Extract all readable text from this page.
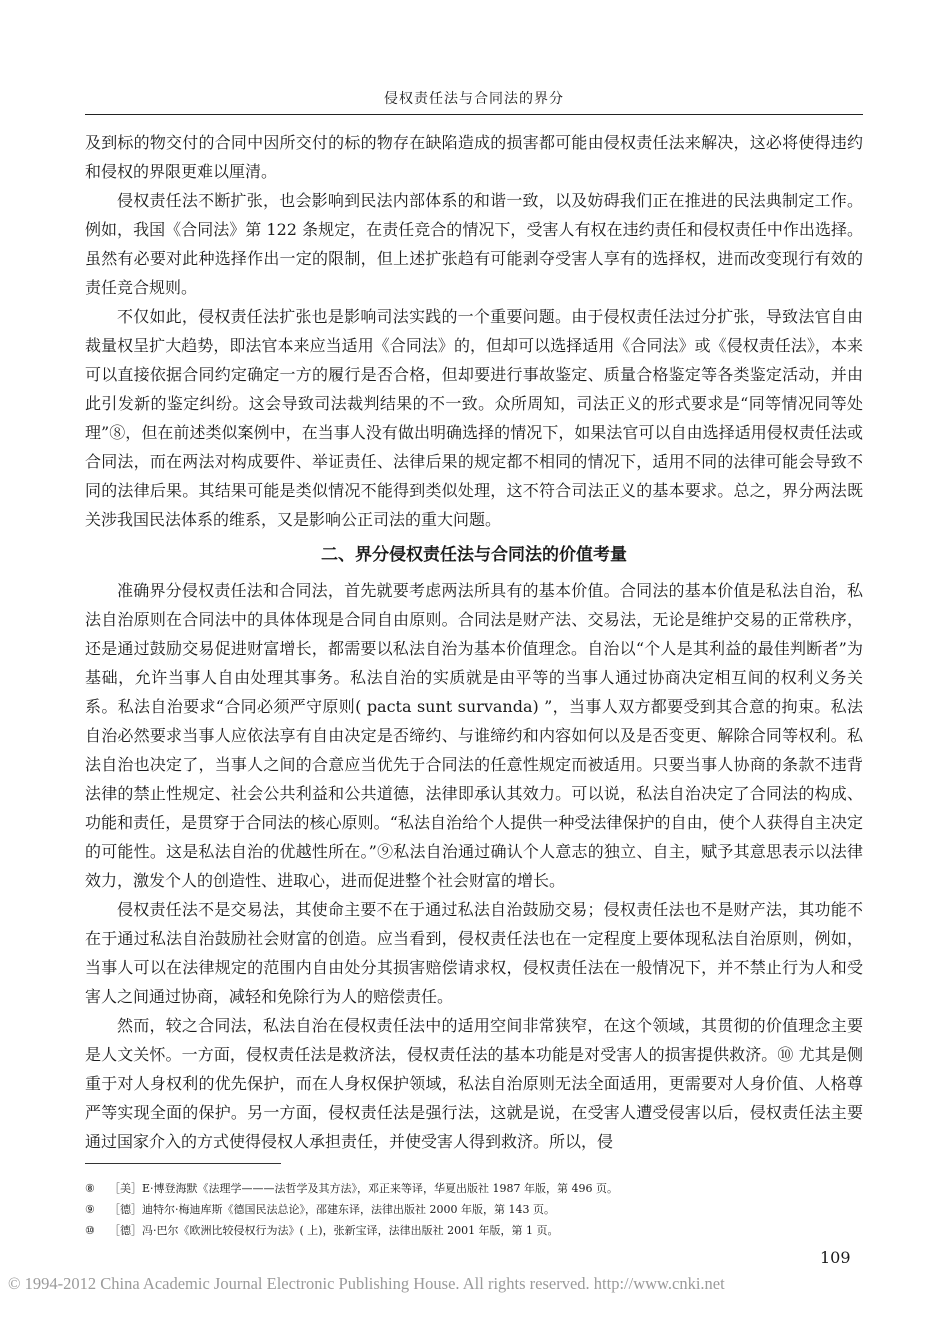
侵权责任法与合同法的界分

及到标的物交付的合同中因所交付的标的物存在缺陷造成的损害都可能由侵权责任法来解决，这必将使得违约和侵权的界限更难以厘清。

侵权责任法不断扩张，也会影响到民法内部体系的和谐一致，以及妨碍我们正在推进的民法典制定工作。例如，我国《合同法》第 122 条规定，在责任竞合的情况下，受害人有权在违约责任和侵权责任中作出选择。虽然有必要对此种选择作出一定的限制，但上述扩张趋有可能剥夺受害人享有的选择权，进而改变现行有效的责任竞合规则。

不仅如此，侵权责任法扩张也是影响司法实践的一个重要问题。由于侵权责任法过分扩张，导致法官自由裁量权呈扩大趋势，即法官本来应当适用《合同法》的，但却可以选择适用《合同法》或《侵权责任法》，本来可以直接依据合同约定确定一方的履行是否合格，但却要进行事故鉴定、质量合格鉴定等各类鉴定活动，并由此引发新的鉴定纠纷。这会导致司法裁判结果的不一致。众所周知，司法正义的形式要求是“同等情况同等处理”⑧，但在前述类似案例中，在当事人没有做出明确选择的情况下，如果法官可以自由选择适用侵权责任法或合同法，而在两法对构成要件、举证责任、法律后果的规定都不相同的情况下，适用不同的法律可能会导致不同的法律后果。其结果可能是类似情况不能得到类似处理，这不符合司法正义的基本要求。总之，界分两法既关涉我国民法体系的维系，又是影响公正司法的重大问题。

二、界分侵权责任法与合同法的价值考量

准确界分侵权责任法和合同法，首先就要考虑两法所具有的基本价值。合同法的基本价值是私法自治，私法自治原则在合同法中的具体体现是合同自由原则。合同法是财产法、交易法，无论是维护交易的正常秩序，还是通过鼓励交易促进财富增长，都需要以私法自治为基本价值理念。自治以“个人是其利益的最佳判断者”为基础，允许当事人自由处理其事务。私法自治的实质就是由平等的当事人通过协商决定相互间的权利义务关系。私法自治要求“合同必须严守原则( pacta sunt survanda) ”，当事人双方都要受到其合意的拘束。私法自治必然要求当事人应依法享有自由决定是否缔约、与谁缔约和内容如何以及是否变更、解除合同等权利。私法自治也决定了，当事人之间的合意应当优先于合同法的任意性规定而被适用。只要当事人协商的条款不违背法律的禁止性规定、社会公共利益和公共道德，法律即承认其效力。可以说，私法自治决定了合同法的构成、功能和责任，是贯穿于合同法的核心原则。“私法自治给个人提供一种受法律保护的自由，使个人获得自主决定的可能性。这是私法自治的优越性所在。”⑨私法自治通过确认个人意志的独立、自主，赋予其意思表示以法律效力，激发个人的创造性、进取心，进而促进整个社会财富的增长。

侵权责任法不是交易法，其使命主要不在于通过私法自治鼓励交易；侵权责任法也不是财产法，其功能不在于通过私法自治鼓励社会财富的创造。应当看到，侵权责任法也在一定程度上要体现私法自治原则，例如，当事人可以在法律规定的范围内自由处分其损害赔偿请求权，侵权责任法在一般情况下，并不禁止行为人和受害人之间通过协商，减轻和免除行为人的赔偿责任。

然而，较之合同法，私法自治在侵权责任法中的适用空间非常狭窄，在这个领域，其贯彻的价值理念主要是人文关怀。一方面，侵权责任法是救济法，侵权责任法的基本功能是对受害人的损害提供救济。⑩ 尤其是侧重于对人身权利的优先保护，而在人身权保护领域，私法自治原则无法全面适用，更需要对人身价值、人格尊严等实现全面的保护。另一方面，侵权责任法是强行法，这就是说，在受害人遭受侵害以后，侵权责任法主要通过国家介入的方式使得侵权人承担责任，并使受害人得到救济。所以，侵

⑧ ［美］E·博登海默《法理学———法哲学及其方法》，邓正来等译，华夏出版社 1987 年版，第 496 页。
⑨ ［德］迪特尔·梅迪库斯《德国民法总论》，邵建东译，法律出版社 2000 年版，第 143 页。
⑩ ［德］冯·巴尔《欧洲比较侵权行为法》( 上)，张新宝译，法律出版社 2001 年版，第 1 页。
109
© 1994-2012 China Academic Journal Electronic Publishing House. All rights reserved. http://www.cnki.net
